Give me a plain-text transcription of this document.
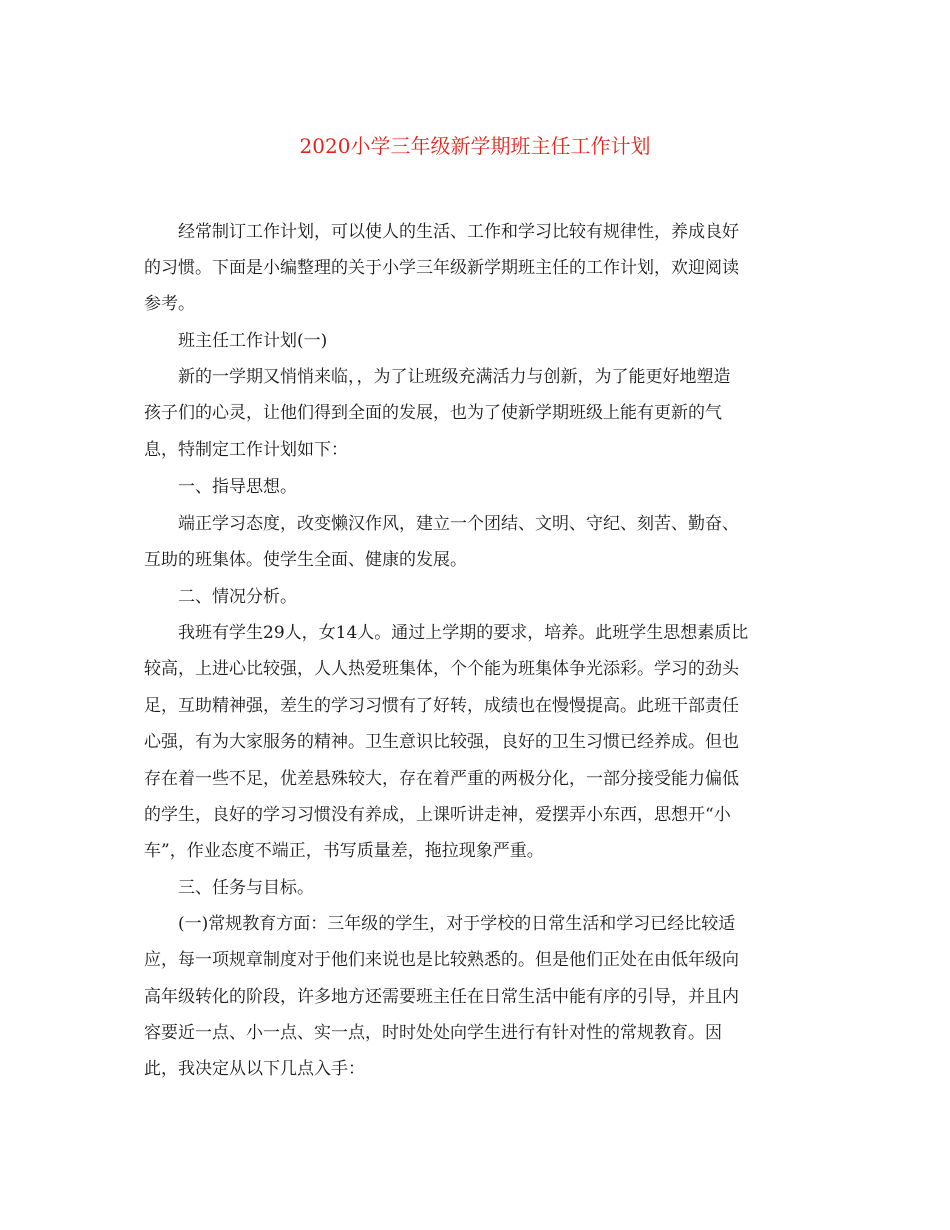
2020小学三年级新学期班主任工作计划

　　经常制订工作计划，可以使人的生活、工作和学习比较有规律性，养成良好

的习惯。下面是小编整理的关于小学三年级新学期班主任的工作计划，欢迎阅读

参考。

　　班主任工作计划(一)

　　新的一学期又悄悄来临，，为了让班级充满活力与创新，为了能更好地塑造

孩子们的心灵，让他们得到全面的发展，也为了使新学期班级上能有更新的气

息，特制定工作计划如下：

　　一、指导思想。

　　端正学习态度，改变懒汉作风，建立一个团结、文明、守纪、刻苦、勤奋、

互助的班集体。使学生全面、健康的发展。

　　二、情况分析。

　　我班有学生29人，女14人。通过上学期的要求，培养。此班学生思想素质比

较高，上进心比较强，人人热爱班集体，个个能为班集体争光添彩。学习的劲头

足，互助精神强，差生的学习习惯有了好转，成绩也在慢慢提高。此班干部责任

心强，有为大家服务的精神。卫生意识比较强，良好的卫生习惯已经养成。但也

存在着一些不足，优差悬殊较大，存在着严重的两极分化，一部分接受能力偏低

的学生，良好的学习习惯没有养成，上课听讲走神，爱摆弄小东西，思想开“小

车”，作业态度不端正，书写质量差，拖拉现象严重。

　　三、任务与目标。

　　(一)常规教育方面：三年级的学生，对于学校的日常生活和学习已经比较适

应，每一项规章制度对于他们来说也是比较熟悉的。但是他们正处在由低年级向

高年级转化的阶段，许多地方还需要班主任在日常生活中能有序的引导，并且内

容要近一点、小一点、实一点，时时处处向学生进行有针对性的常规教育。因

此，我决定从以下几点入手：
